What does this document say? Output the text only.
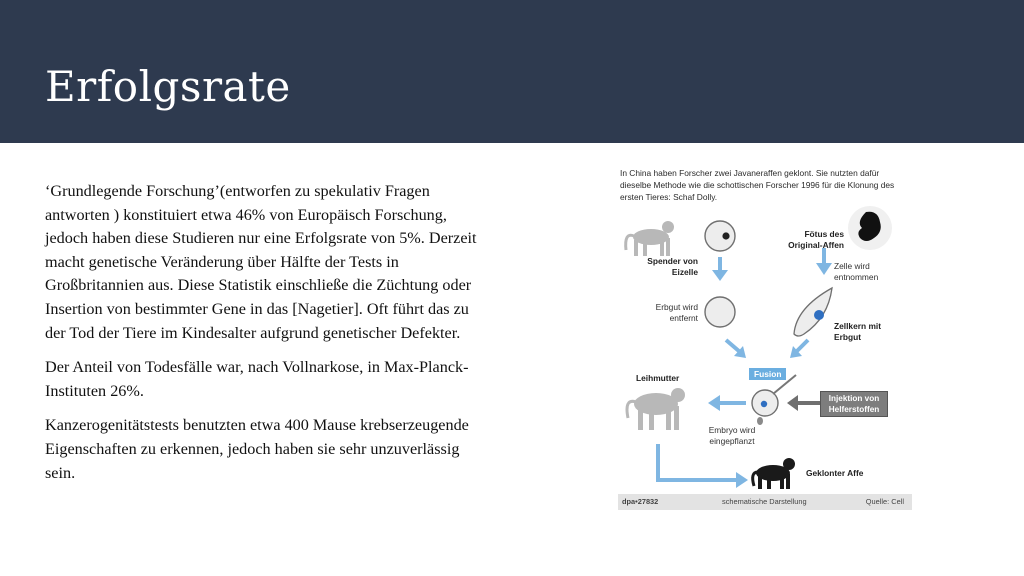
Erfolgsrate

‘Grundlegende Forschung’(entworfen zu spekulativ Fragen antworten ) konstituiert etwa 46% von Europäisch Forschung, jedoch haben diese Studieren nur eine Erfolgsrate von 5%. Derzeit macht genetische Veränderung über Hälfte der Tests in Großbritannien aus. Diese Statistik einschließe die Züchtung oder Insertion von bestimmter Gene in das [Nagetier]. Oft führt das zu der Tod der Tiere im Kindesalter aufgrund genetischer Defekter.

Der Anteil von Todesfälle war, nach Vollnarkose, in Max-Planck-Instituten 26%.

Kanzerogenitätstests benutzten etwa 400 Mause krebserzeugende Eigenschaften zu erkennen, jedoch haben sie sehr unzuverlässig sein.

In China haben Forscher zwei Javaneraffen geklont. Sie nutzten dafür dieselbe Methode wie die schottischen Forscher 1996 für die Klonung des ersten Tieres: Schaf Dolly.
Spender von Eizelle
Fötus des Original-Affen
Zelle wird entnommen
Erbgut wird entfernt
Zellkern mit Erbgut
Fusion
Leihmutter
Injektion von Helferstoffen
Embryo wird eingepflanzt
Geklonter Affe
dpa•27832	schematische Darstellung	Quelle: Cell
